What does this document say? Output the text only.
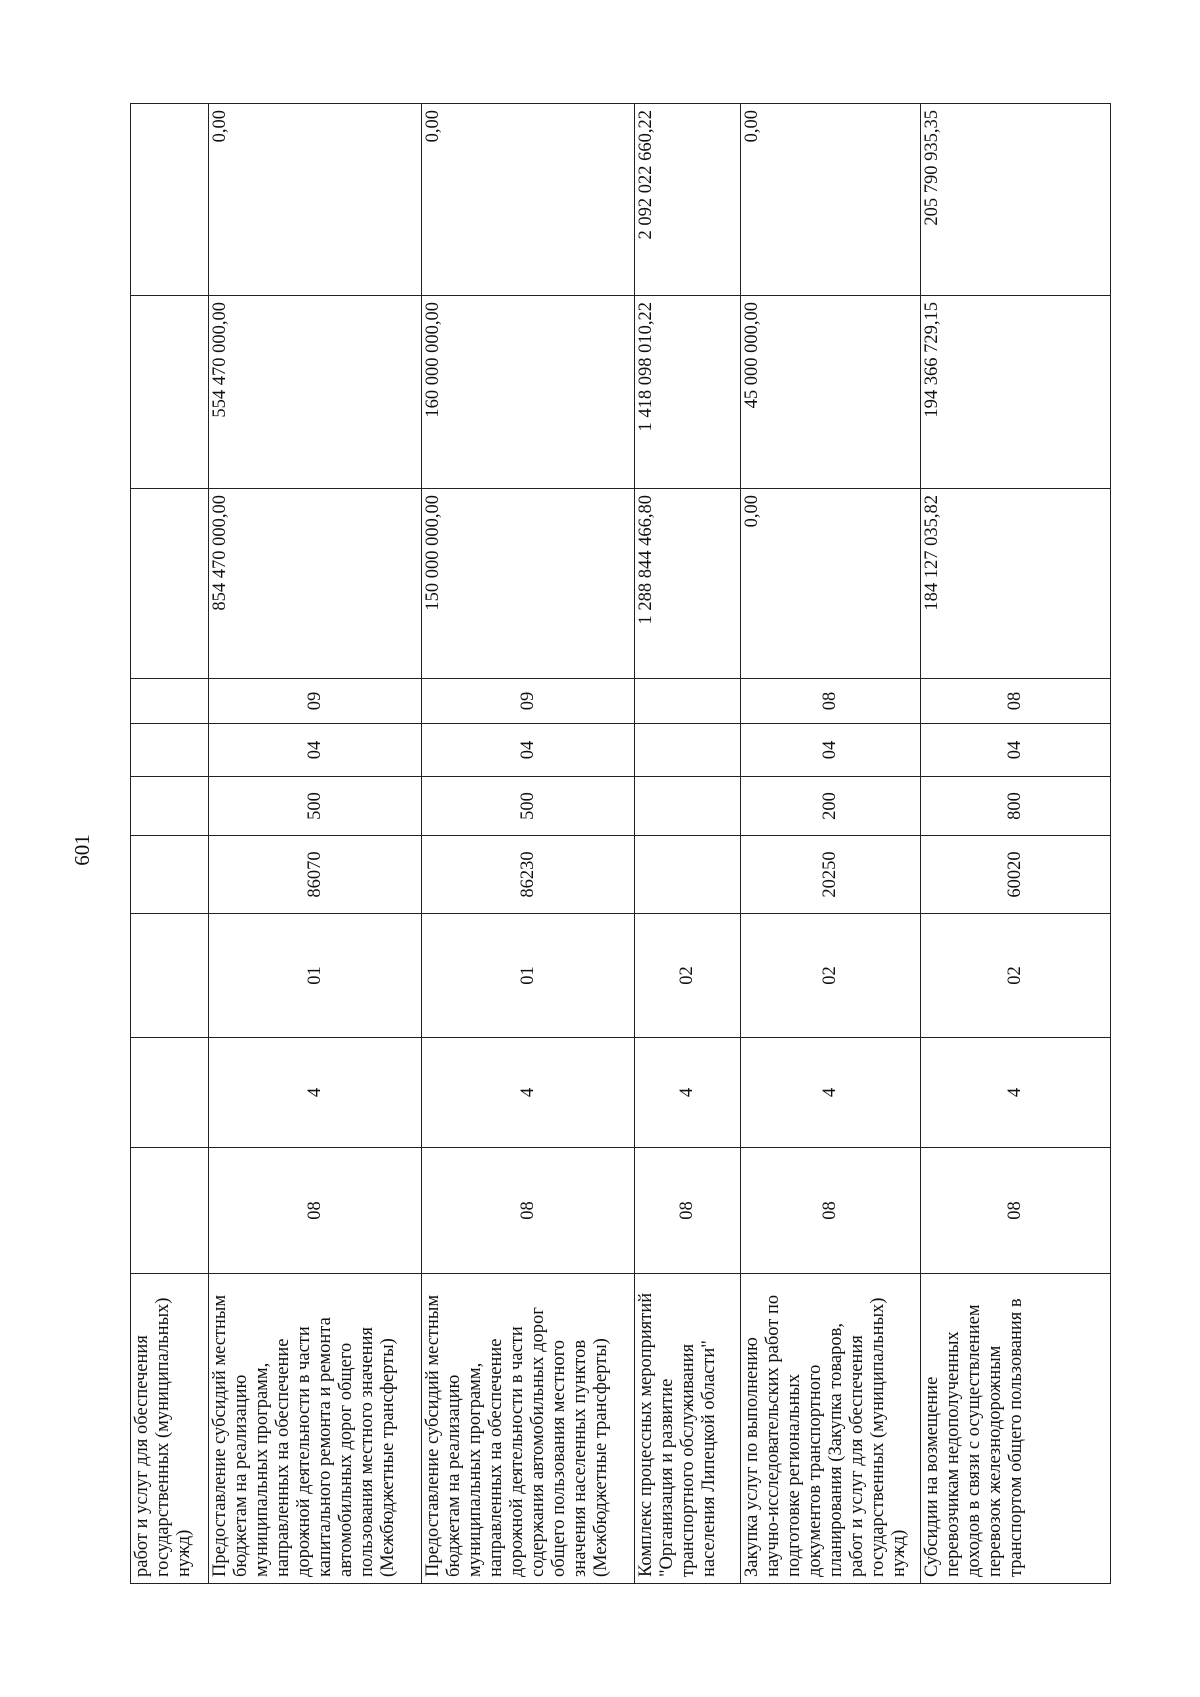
601
работ и услуг для обеспечения государственных (муниципальных) нужд)										
Предоставление субсидий местным бюджетам на реализацию муниципальных программ, направленных на обеспечение дорожной деятельности в части капитального ремонта и ремонта автомобильных дорог общего пользования местного значения (Межбюджетные трансферты)	08	4	01	86070	500	04	09	854 470 000,00	554 470 000,00	0,00
Предоставление субсидий местным бюджетам на реализацию муниципальных программ, направленных на обеспечение дорожной деятельности в части содержания автомобильных дорог общего пользования местного значения населенных пунктов (Межбюджетные трансферты)	08	4	01	86230	500	04	09	150 000 000,00	160 000 000,00	0,00
Комплекс процессных мероприятий "Организация и развитие транспортного обслуживания населения Липецкой области"	08	4	02					1 288 844 466,80	1 418 098 010,22	2 092 022 660,22
Закупка услуг по выполнению научно-исследовательских работ по подготовке региональных документов транспортного планирования (Закупка товаров, работ и услуг для обеспечения государственных (муниципальных) нужд)	08	4	02	20250	200	04	08	0,00	45 000 000,00	0,00
Субсидии на возмещение перевозчикам недополученных доходов в связи с осуществлением перевозок железнодорожным транспортом общего пользования в	08	4	02	60020	800	04	08	184 127 035,82	194 366 729,15	205 790 935,35
